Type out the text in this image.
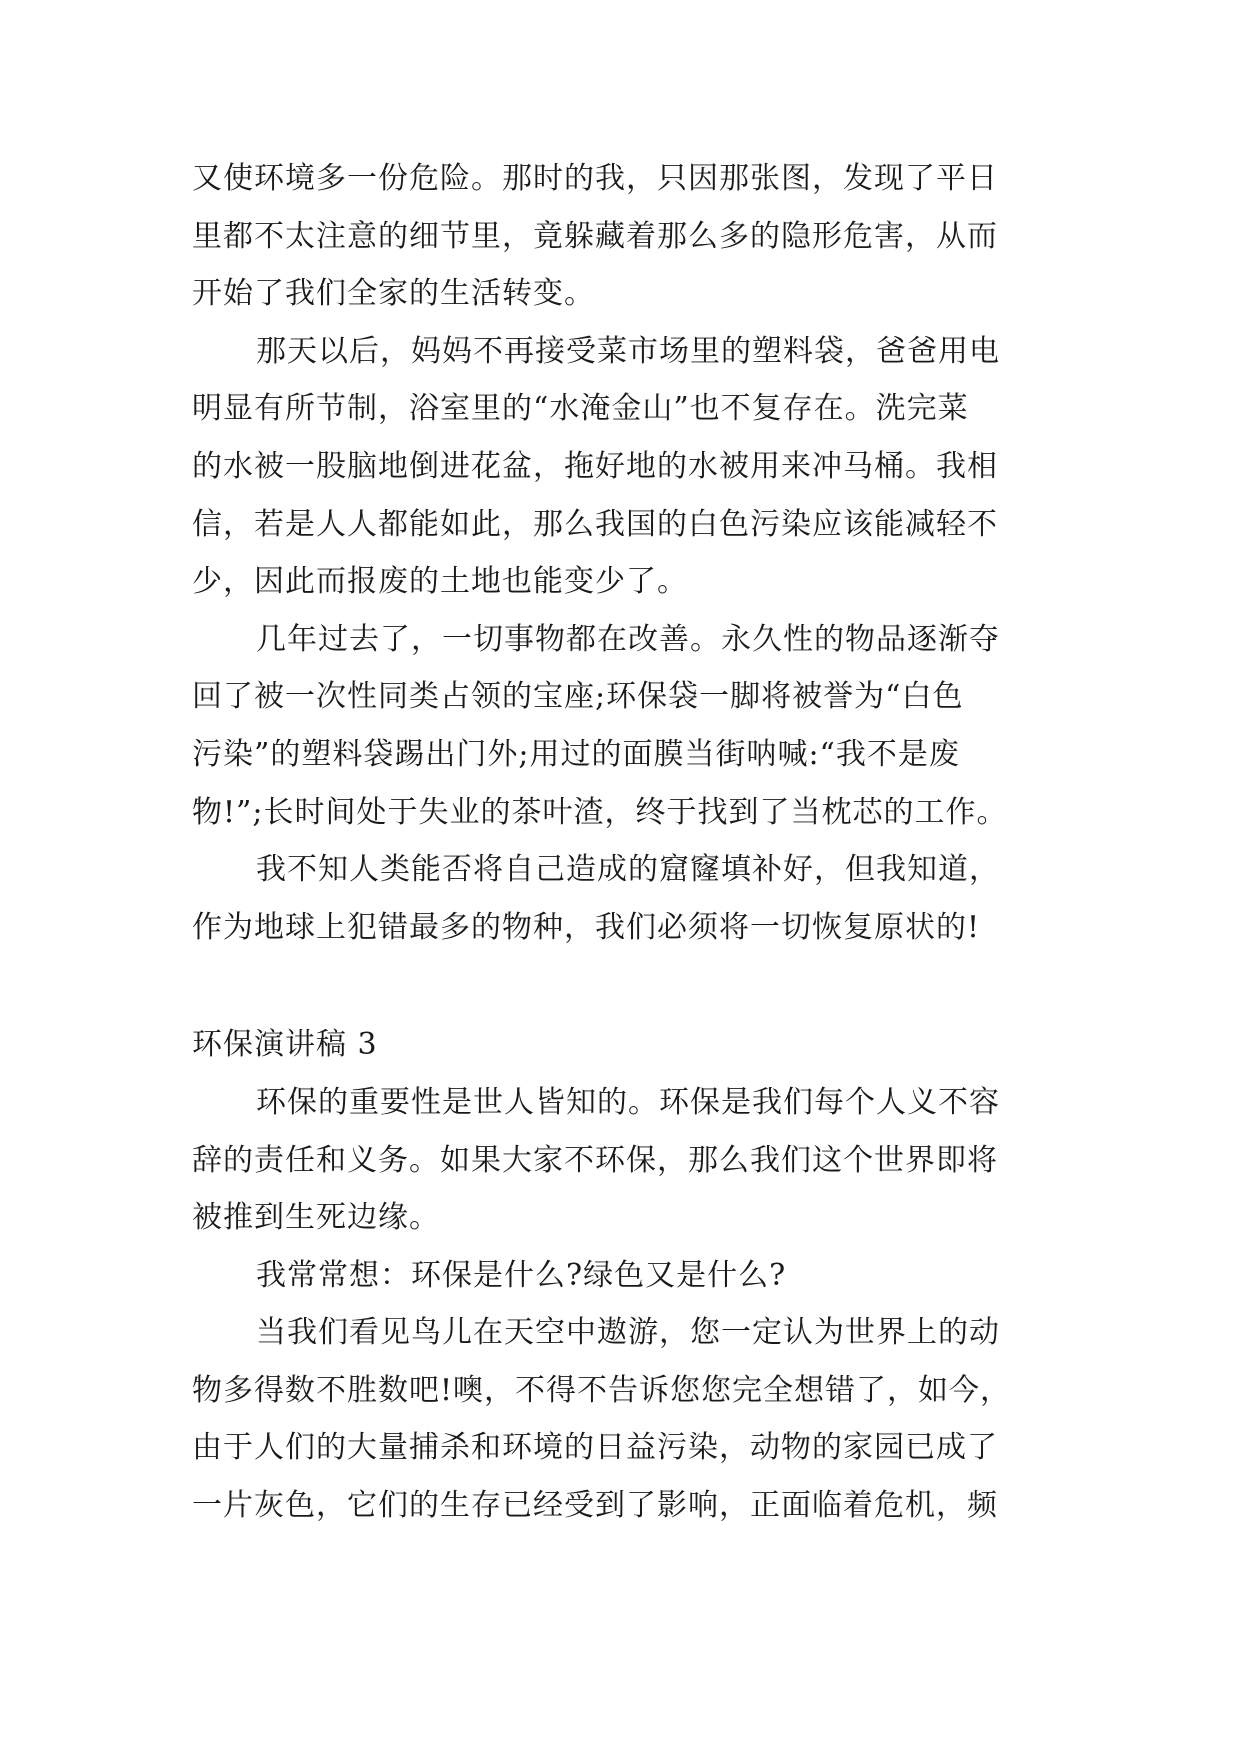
又使环境多一份危险。那时的我，只因那张图，发现了平日
里都不太注意的细节里，竟躲藏着那么多的隐形危害，从而
开始了我们全家的生活转变。
那天以后，妈妈不再接受菜市场里的塑料袋，爸爸用电
明显有所节制，浴室里的“水淹金山”也不复存在。洗完菜
的水被一股脑地倒进花盆，拖好地的水被用来冲马桶。我相
信，若是人人都能如此，那么我国的白色污染应该能减轻不
少，因此而报废的土地也能变少了。
几年过去了，一切事物都在改善。永久性的物品逐渐夺
回了被一次性同类占领的宝座;环保袋一脚将被誉为“白色
污染”的塑料袋踢出门外;用过的面膜当街呐喊:“我不是废
物!”;长时间处于失业的茶叶渣，终于找到了当枕芯的工作。
我不知人类能否将自己造成的窟窿填补好，但我知道，
作为地球上犯错最多的物种，我们必须将一切恢复原状的!
环保演讲稿 3
环保的重要性是世人皆知的。环保是我们每个人义不容
辞的责任和义务。如果大家不环保，那么我们这个世界即将
被推到生死边缘。
我常常想：环保是什么?绿色又是什么?
当我们看见鸟儿在天空中遨游，您一定认为世界上的动
物多得数不胜数吧!噢，不得不告诉您您完全想错了，如今，
由于人们的大量捕杀和环境的日益污染，动物的家园已成了
一片灰色，它们的生存已经受到了影响，正面临着危机，频
